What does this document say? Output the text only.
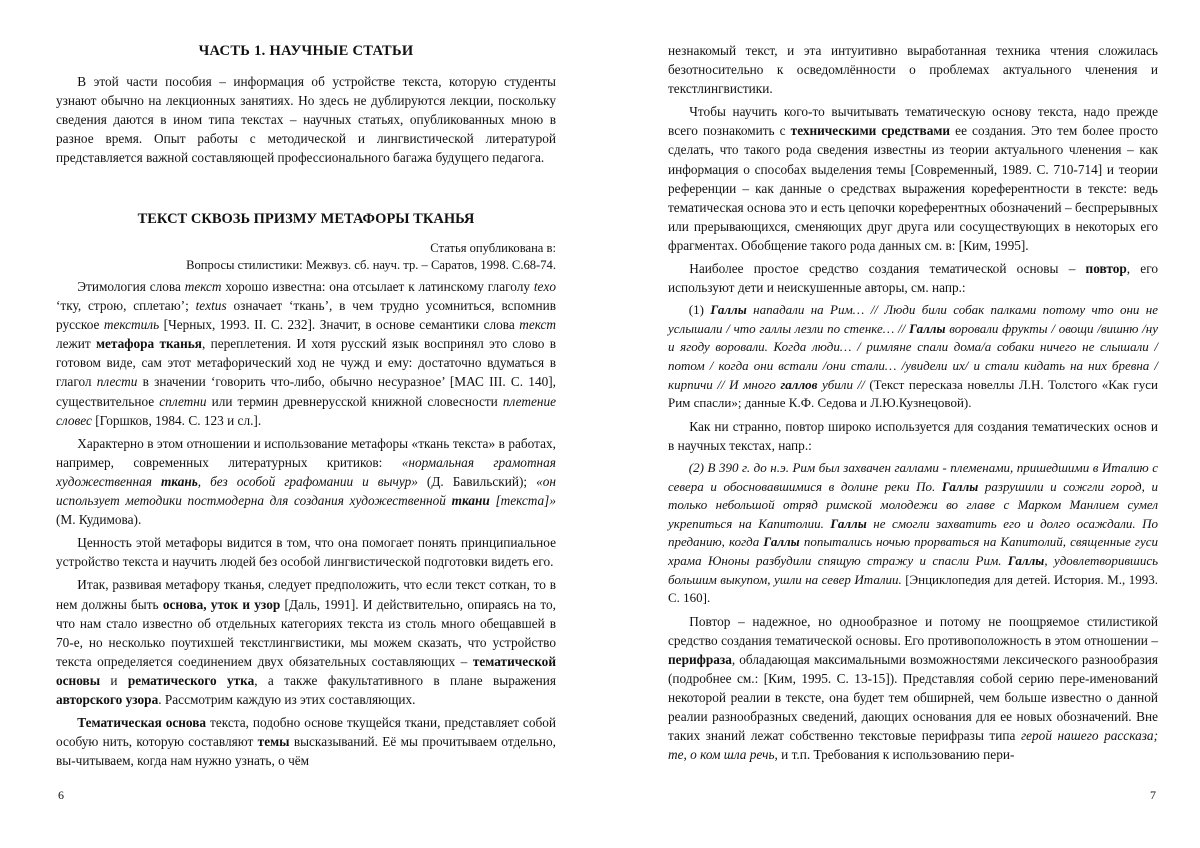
ЧАСТЬ 1. НАУЧНЫЕ СТАТЬИ

В этой части пособия – информация об устройстве текста, которую студенты узнают обычно на лекционных занятиях. Но здесь не дублируются лекции, поскольку сведения даются в ином типа текстах – научных статьях, опубликованных мною в разное время. Опыт работы с методической и лингвистической литературой представляется важной составляющей профессионального багажа будущего педагога.

ТЕКСТ СКВОЗЬ ПРИЗМУ МЕТАФОРЫ ТКАНЬЯ
Статья опубликована в:
Вопросы стилистики: Межвуз. сб. науч. тр. – Саратов, 1998. С.68-74.

Этимология слова текст хорошо известна: она отсылает к латинскому глаголу texo ‘тку, строю, сплетаю’; textus означает ‘ткань’, в чем трудно усомниться, вспомнив русское текстиль [Черных, 1993. II. С. 232]. Значит, в основе семантики слова текст лежит метафора тканья, переплетения. И хотя русский язык воспринял это слово в готовом виде, сам этот метафорический ход не чужд и ему: достаточно вдуматься в глагол плести в значении ‘говорить что-либо, обычно несуразное’ [МАС III. С. 140], существительное сплетни или термин древнерусской книжной словесности плетение словес [Горшков, 1984. С. 123 и сл.].

Характерно в этом отношении и использование метафоры «ткань текста» в работах, например, современных литературных критиков: «нормальная грамотная художественная ткань, без особой графомании и вычур» (Д. Бавильский); «он использует методики постмодерна для создания художественной ткани [текста]» (М. Кудимова).

Ценность этой метафоры видится в том, что она помогает понять принципиальное устройство текста и научить людей без особой лингвистической подготовки видеть его.

Итак, развивая метафору тканья, следует предположить, что если текст соткан, то в нем должны быть основа, уток и узор [Даль, 1991]. И действительно, опираясь на то, что нам стало известно об отдельных категориях текста из столь много обещавшей в 70-е, но несколько поутихшей текстлингвистики, мы можем сказать, что устройство текста определяется соединением двух обязательных составляющих – тематической основы и рематического утка, а также факультативного в плане выражения авторского узора. Рассмотрим каждую из этих составляющих.

Тематическая основа текста, подобно основе ткущейся ткани, представляет собой особую нить, которую составляют темы высказываний. Её мы прочитываем отдельно, вы-читываем, когда нам нужно узнать, о чём

6

незнакомый текст, и эта интуитивно выработанная техника чтения сложилась безотносительно к осведомлённости о проблемах актуального членения и текстлингвистики.

Чтобы научить кого-то вычитывать тематическую основу текста, надо прежде всего познакомить с техническими средствами ее создания. Это тем более просто сделать, что такого рода сведения известны из теории актуального членения – как информация о способах выделения темы [Современный, 1989. С. 710-714] и теории референции – как данные о средствах выражения кореферентности в тексте: ведь тематическая основа это и есть цепочки кореферентных обозначений – беспрерывных или прерывающихся, сменяющих друг друга или сосуществующих в некоторых его фрагментах. Обобщение такого рода данных см. в: [Ким, 1995].

Наиболее простое средство создания тематической основы – повтор, его используют дети и неискушенные авторы, см. напр.:

(1) Галлы нападали на Рим… // Люди били собак палками потому что они не услышали / что галлы лезли по стенке… // Галлы воровали фрукты / овощи /вишню /ну и ягоду воровали. Когда люди… / римляне спали дома/а собаки ничего не слышали / потом / когда они встали /они стали… /увидели их/ и стали кидать на них бревна / кирпичи // И много галлов убили // (Текст пересказа новеллы Л.Н. Толстого «Как гуси Рим спасли»; данные К.Ф. Седова и Л.Ю.Кузнецовой).

Как ни странно, повтор широко используется для создания тематических основ и в научных текстах, напр.:

(2) В 390 г. до н.э. Рим был захвачен галлами - племенами, пришедшими в Италию с севера и обосновавшимися в долине реки По. Галлы разрушили и сожгли город, и только небольшой отряд римской молодежи во главе с Марком Манлием сумел укрепиться на Капитолии. Галлы не смогли захватить его и долго осаждали. По преданию, когда Галлы попытались ночью прорваться на Капитолий, священные гуси храма Юноны разбудили спящую стражу и спасли Рим. Галлы, удовлетворившись большим выкупом, ушли на север Италии. [Энциклопедия для детей. История. М., 1993. С. 160].

Повтор – надежное, но однообразное и потому не поощряемое стилистикой средство создания тематической основы. Его противоположность в этом отношении – перифраза, обладающая максимальными возможностями лексического разнообразия (подробнее см.: [Ким, 1995. С. 13-15]). Представляя собой серию пере-именований некоторой реалии в тексте, она будет тем обширней, чем больше известно о данной реалии разнообразных сведений, дающих основания для ее новых обозначений. Вне таких знаний лежат собственно текстовые перифразы типа герой нашего рассказа; те, о ком шла речь, и т.п. Требования к использованию пери-

7
